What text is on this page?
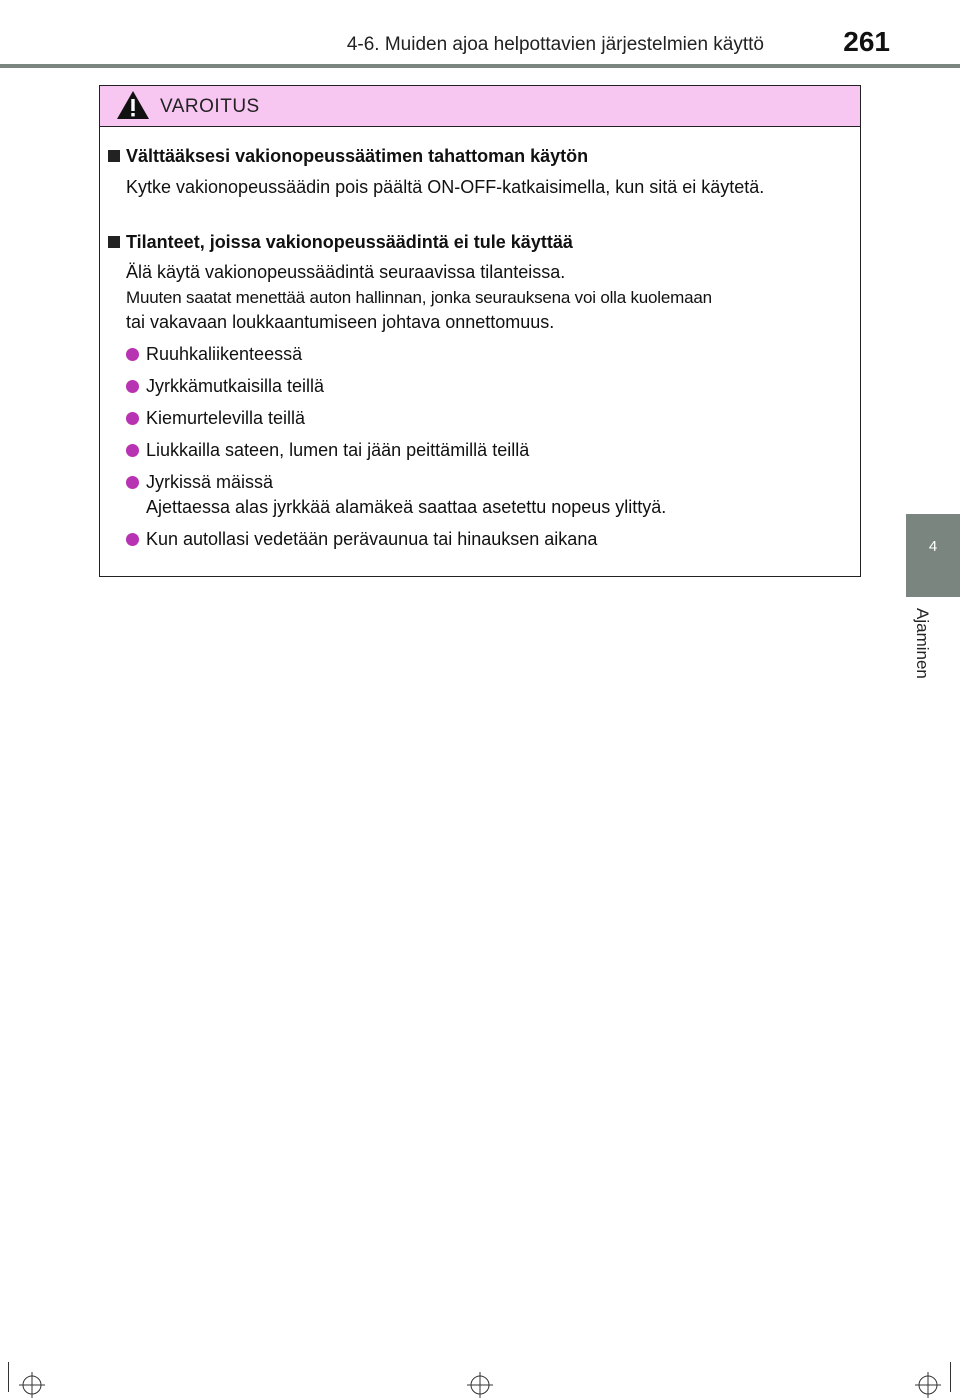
4-6. Muiden ajoa helpottavien järjestelmien käyttö	261
4
Ajaminen
VAROITUS
Välttääksesi vakionopeussäätimen tahattoman käytön
Kytke vakionopeussäädin pois päältä ON-OFF-katkaisimella, kun sitä ei käytetä.
Tilanteet, joissa vakionopeussäädintä ei tule käyttää
Älä käytä vakionopeussäädintä seuraavissa tilanteissa.
Muuten saatat menettää auton hallinnan, jonka seurauksena voi olla kuolemaan
tai vakavaan loukkaantumiseen johtava onnettomuus.
Ruuhkaliikenteessä
Jyrkkämutkaisilla teillä
Kiemurtelevilla teillä
Liukkailla sateen, lumen tai jään peittämillä teillä
Jyrkissä mäissä
Ajettaessa alas jyrkkää alamäkeä saattaa asetettu nopeus ylittyä.
Kun autollasi vedetään perävaunua tai hinauksen aikana
